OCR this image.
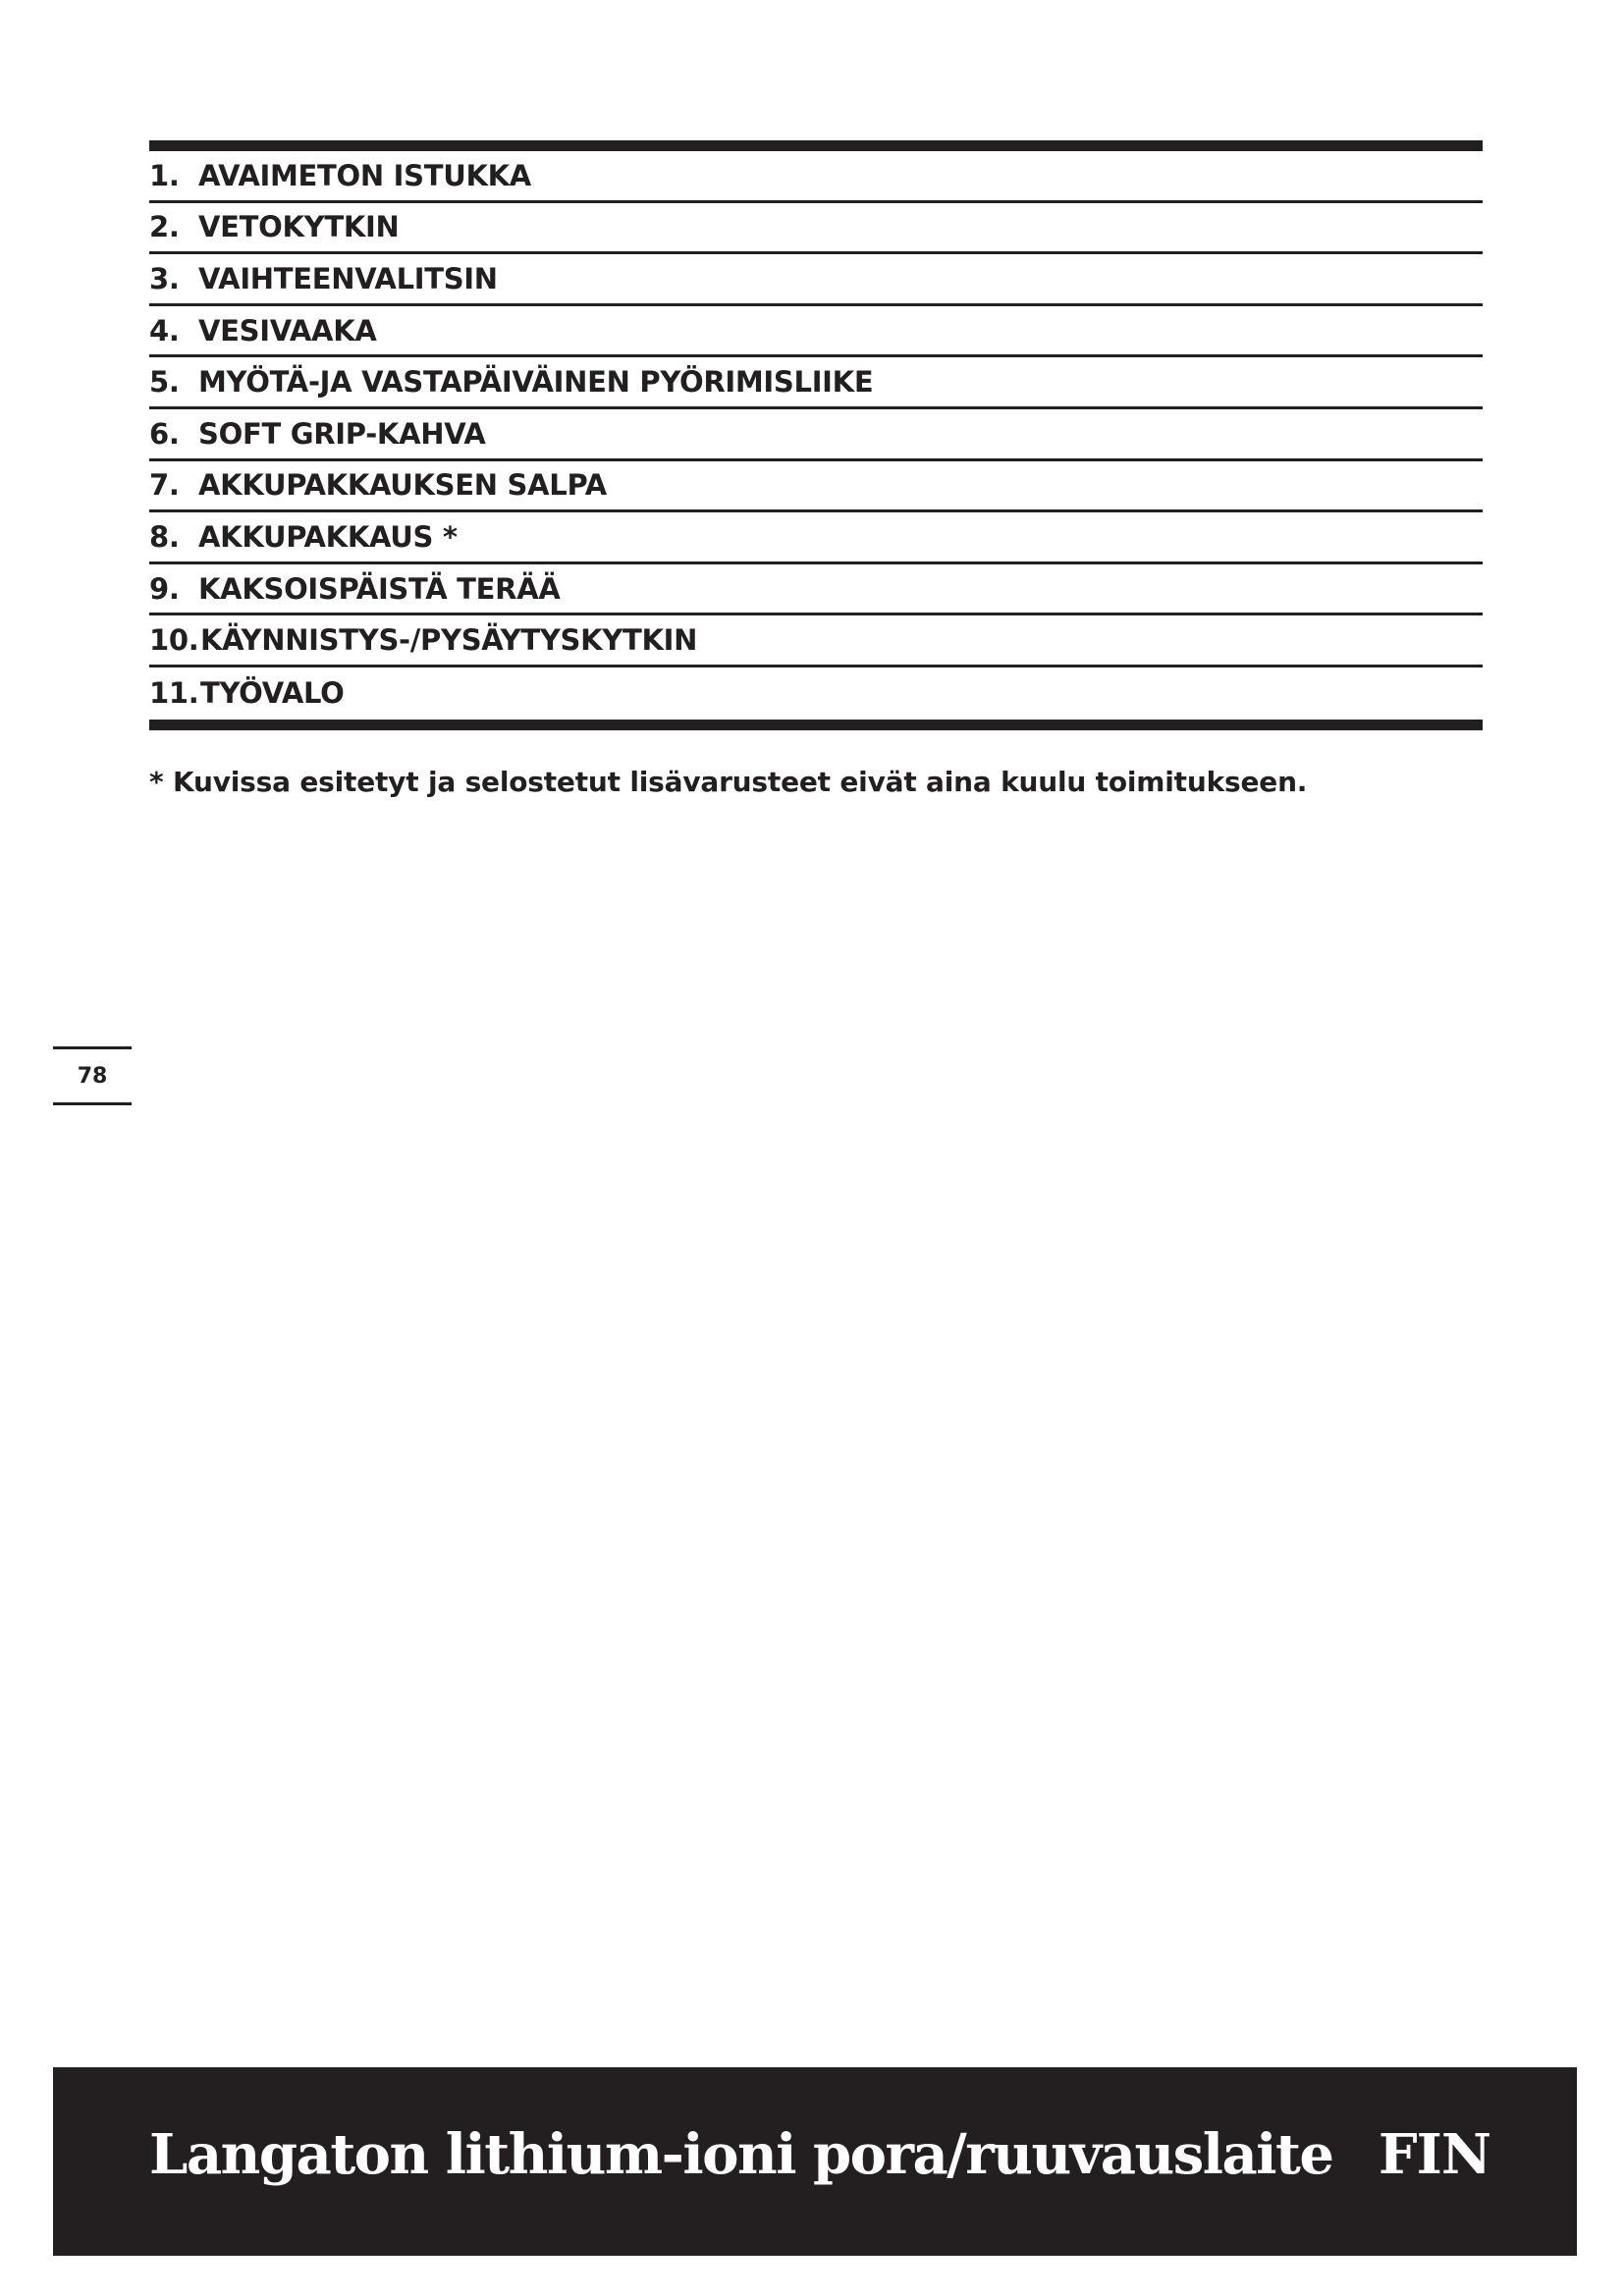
1. AVAIMETON ISTUKKA
2. VETOKYTKIN
3. VAIHTEENVALITSIN
4. VESIVAAKA
5. MYÖTÄ-JA VASTAPÄIVÄINEN PYÖRIMISLIIKE
6. SOFT GRIP-KAHVA
7. AKKUPAKKAUKSEN SALPA
8. AKKUPAKKAUS *
9. KAKSOISPÄISTÄ TERÄÄ
10. KÄYNNISTYS-/PYSÄYTYSKYTKIN
11. TYÖVALO
* Kuvissa esitetyt ja selostetut lisävarusteet eivät aina kuulu toimitukseen.
78
Langaton lithium-ioni pora/ruuvauslaite FIN
